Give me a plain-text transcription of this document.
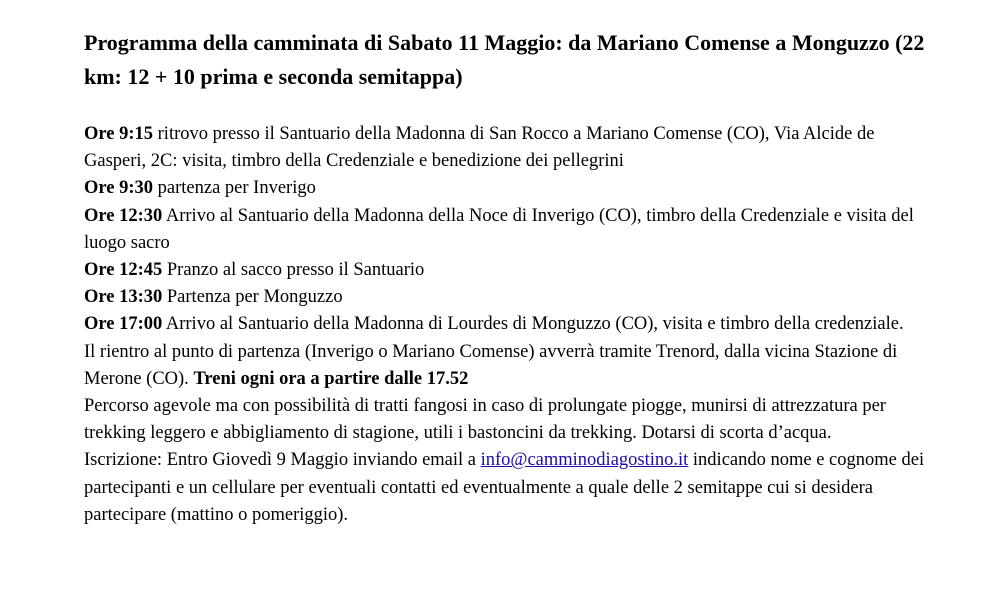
Programma della camminata di Sabato 11 Maggio: da Mariano Comense a Monguzzo (22 km: 12 + 10 prima e seconda semitappa)

Ore 9:15 ritrovo presso il Santuario della Madonna di San Rocco a Mariano Comense (CO), Via Alcide de Gasperi, 2C: visita, timbro della Credenziale e benedizione dei pellegrini

Ore 9:30 partenza per Inverigo

Ore 12:30 Arrivo al Santuario della Madonna della Noce di Inverigo (CO), timbro della Credenziale e visita del luogo sacro

Ore 12:45 Pranzo al sacco presso il Santuario

Ore 13:30 Partenza per Monguzzo

Ore 17:00 Arrivo al Santuario della Madonna di Lourdes di Monguzzo (CO), visita e timbro della credenziale.

Il rientro al punto di partenza (Inverigo o Mariano Comense) avverrà tramite Trenord, dalla vicina Stazione di Merone (CO). Treni ogni ora a partire dalle 17.52

Percorso agevole ma con possibilità di tratti fangosi in caso di prolungate piogge, munirsi di attrezzatura per trekking leggero e abbigliamento di stagione, utili i bastoncini da trekking. Dotarsi di scorta d’acqua.

Iscrizione: Entro Giovedì 9 Maggio inviando email a info@camminodiagostino.it indicando nome e cognome dei partecipanti e un cellulare per eventuali contatti ed eventualmente a quale delle 2 semitappe cui si desidera partecipare (mattino o pomeriggio).
